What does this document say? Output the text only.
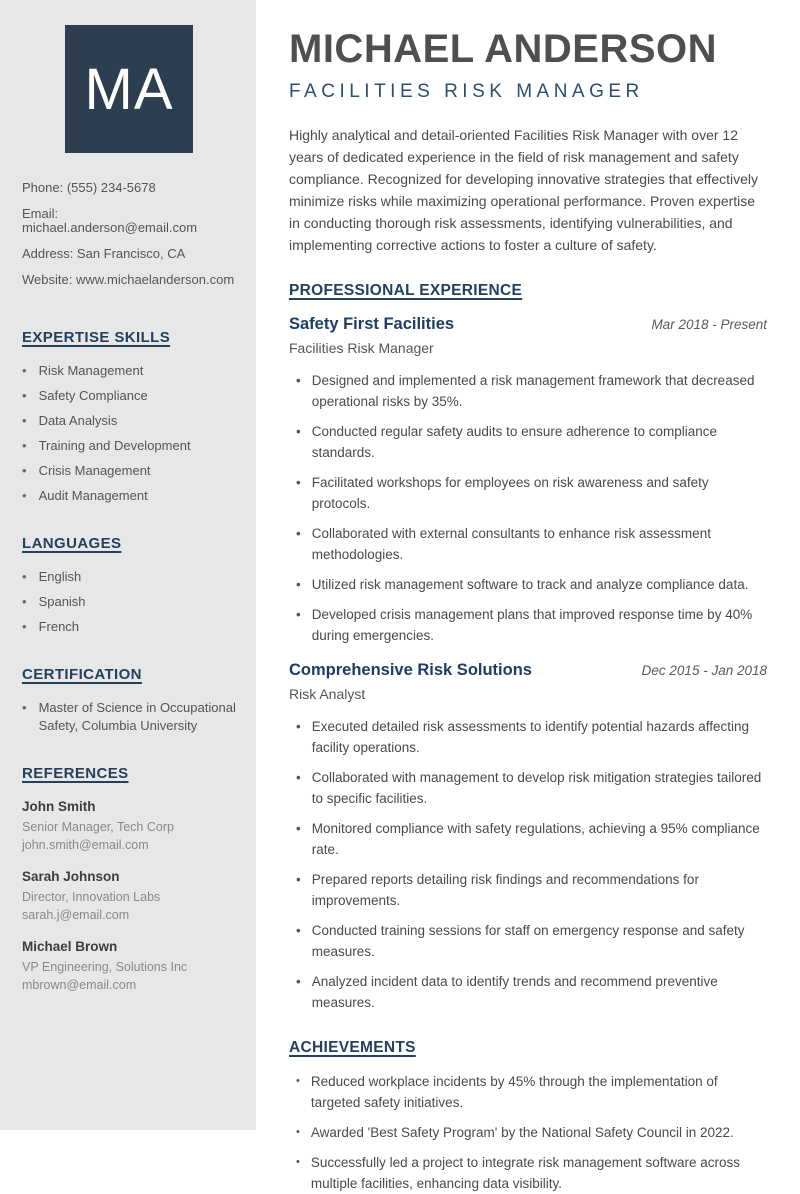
MA

Phone: (555) 234-5678

Email: michael.anderson@email.com

Address: San Francisco, CA

Website: www.michaelanderson.com

EXPERTISE SKILLS
• Risk Management
• Safety Compliance
• Data Analysis
• Training and Development
• Crisis Management
• Audit Management
LANGUAGES
• English
• Spanish
• French
CERTIFICATION
• Master of Science in Occupational Safety, Columbia University
REFERENCES
John Smith
Senior Manager, Tech Corp
john.smith@email.com
Sarah Johnson
Director, Innovation Labs
sarah.j@email.com
Michael Brown
VP Engineering, Solutions Inc
mbrown@email.com
MICHAEL ANDERSON
FACILITIES RISK MANAGER

Highly analytical and detail-oriented Facilities Risk Manager with over 12 years of dedicated experience in the field of risk management and safety compliance. Recognized for developing innovative strategies that effectively minimize risks while maximizing operational performance. Proven expertise in conducting thorough risk assessments, identifying vulnerabilities, and implementing corrective actions to foster a culture of safety.

PROFESSIONAL EXPERIENCE
Safety First Facilities	Mar 2018 - Present
Facilities Risk Manager
• Designed and implemented a risk management framework that decreased operational risks by 35%.
• Conducted regular safety audits to ensure adherence to compliance standards.
• Facilitated workshops for employees on risk awareness and safety protocols.
• Collaborated with external consultants to enhance risk assessment methodologies.
• Utilized risk management software to track and analyze compliance data.
• Developed crisis management plans that improved response time by 40% during emergencies.
Comprehensive Risk Solutions	Dec 2015 - Jan 2018
Risk Analyst
• Executed detailed risk assessments to identify potential hazards affecting facility operations.
• Collaborated with management to develop risk mitigation strategies tailored to specific facilities.
• Monitored compliance with safety regulations, achieving a 95% compliance rate.
• Prepared reports detailing risk findings and recommendations for improvements.
• Conducted training sessions for staff on emergency response and safety measures.
• Analyzed incident data to identify trends and recommend preventive measures.
ACHIEVEMENTS
• Reduced workplace incidents by 45% through the implementation of targeted safety initiatives.
• Awarded 'Best Safety Program' by the National Safety Council in 2022.
• Successfully led a project to integrate risk management software across multiple facilities, enhancing data visibility.
